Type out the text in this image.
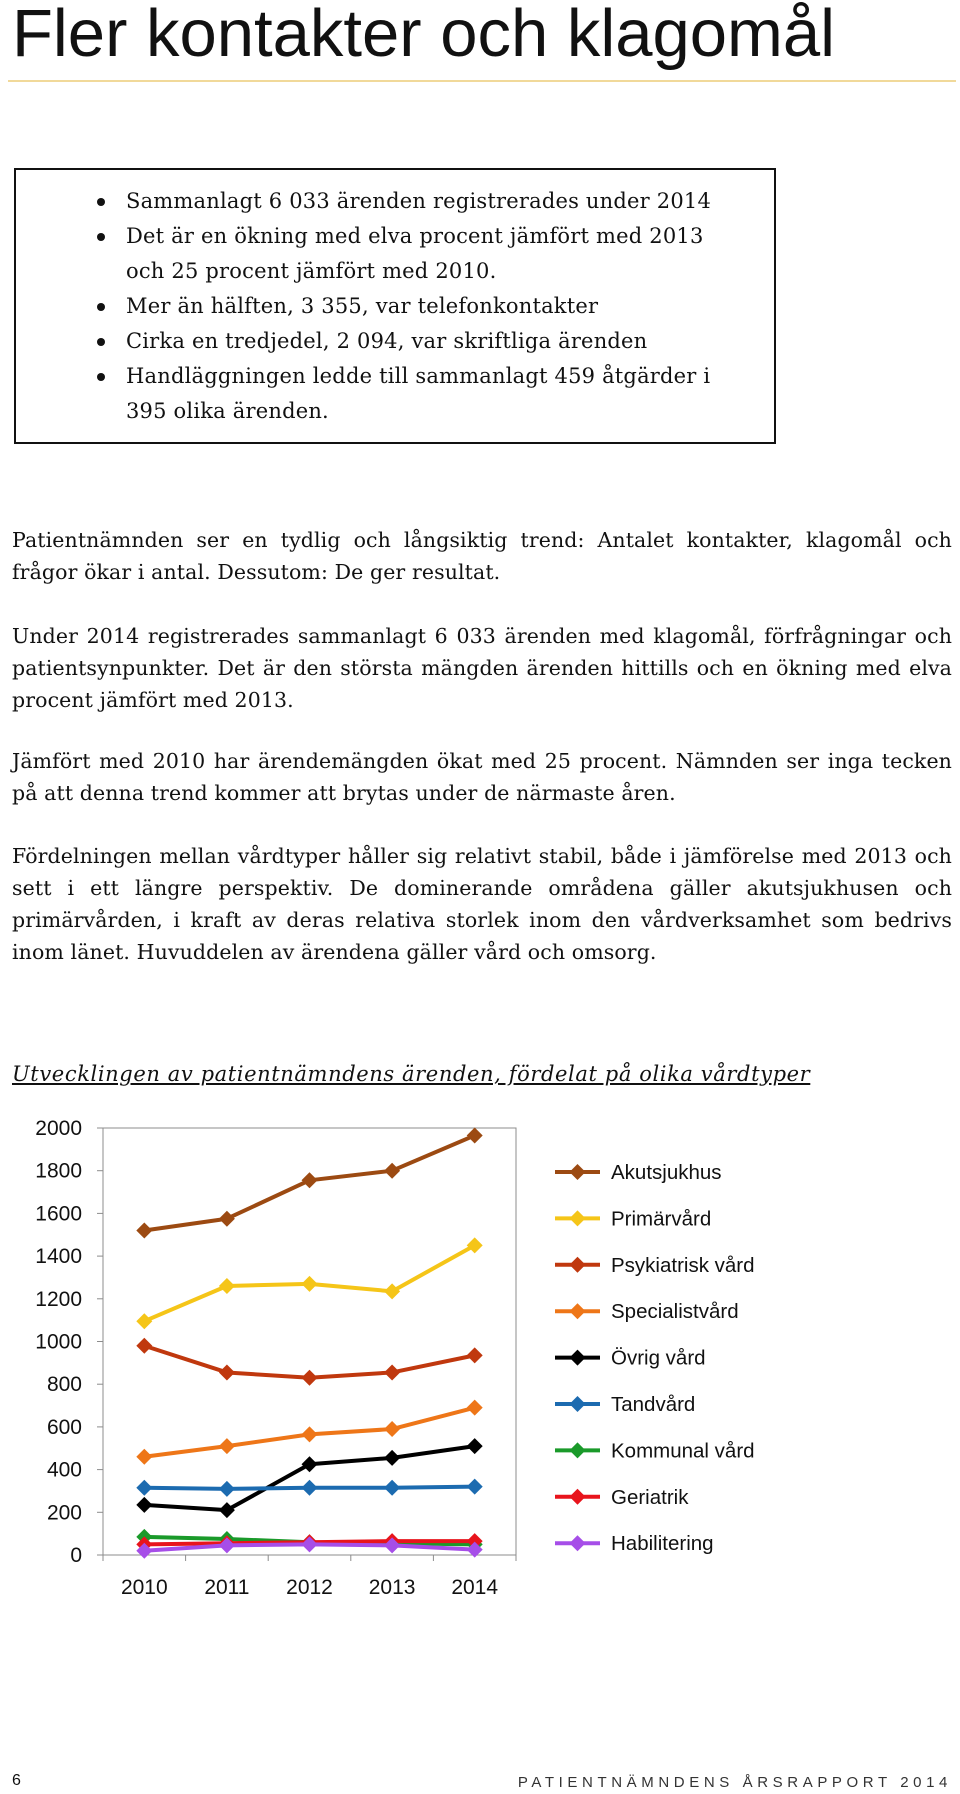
Fler kontakter och klagomål
Sammanlagt 6 033 ärenden registrerades under 2014
Det är en ökning med elva procent jämfört med 2013
och 25 procent jämfört med 2010.
Mer än hälften, 3 355, var telefonkontakter
Cirka en tredjedel, 2 094, var skriftliga ärenden
Handläggningen ledde till sammanlagt 459 åtgärder i
395 olika ärenden.

Patientnämnden ser en tydlig och långsiktig trend: Antalet kontakter, klagomål och frågor ökar i antal. Dessutom: De ger resultat.

Under 2014 registrerades sammanlagt 6 033 ärenden med klagomål, förfrågningar och patientsynpunkter. Det är den största mängden ärenden hittills och en ökning med elva procent jämfört med 2013.

Jämfört med 2010 har ärendemängden ökat med 25 procent. Nämnden ser inga tecken på att denna trend kommer att brytas under de närmaste åren.

Fördelningen mellan vårdtyper håller sig relativt stabil, både i jämförelse med 2013 och sett i ett längre perspektiv. De dominerande områdena gäller akutsjukhusen och primärvården, i kraft av deras relativa storlek inom den vårdverksamhet som bedrivs inom länet. Huvuddelen av ärendena gäller vård och omsorg.

Utvecklingen av patientnämndens ärenden, fördelat på olika vårdtyper

0
200
400
600
800
1000
1200
1400
1600
1800
2000
2010 2011 2012 2013 2014
Akutsjukhus
Primärvård
Psykiatrisk vård
Specialistvård
Övrig vård
Tandvård
Kommunal vård
Geriatrik
Habilitering
6	PATIENTNÄMNDENS ÅRSRAPPORT 2014
